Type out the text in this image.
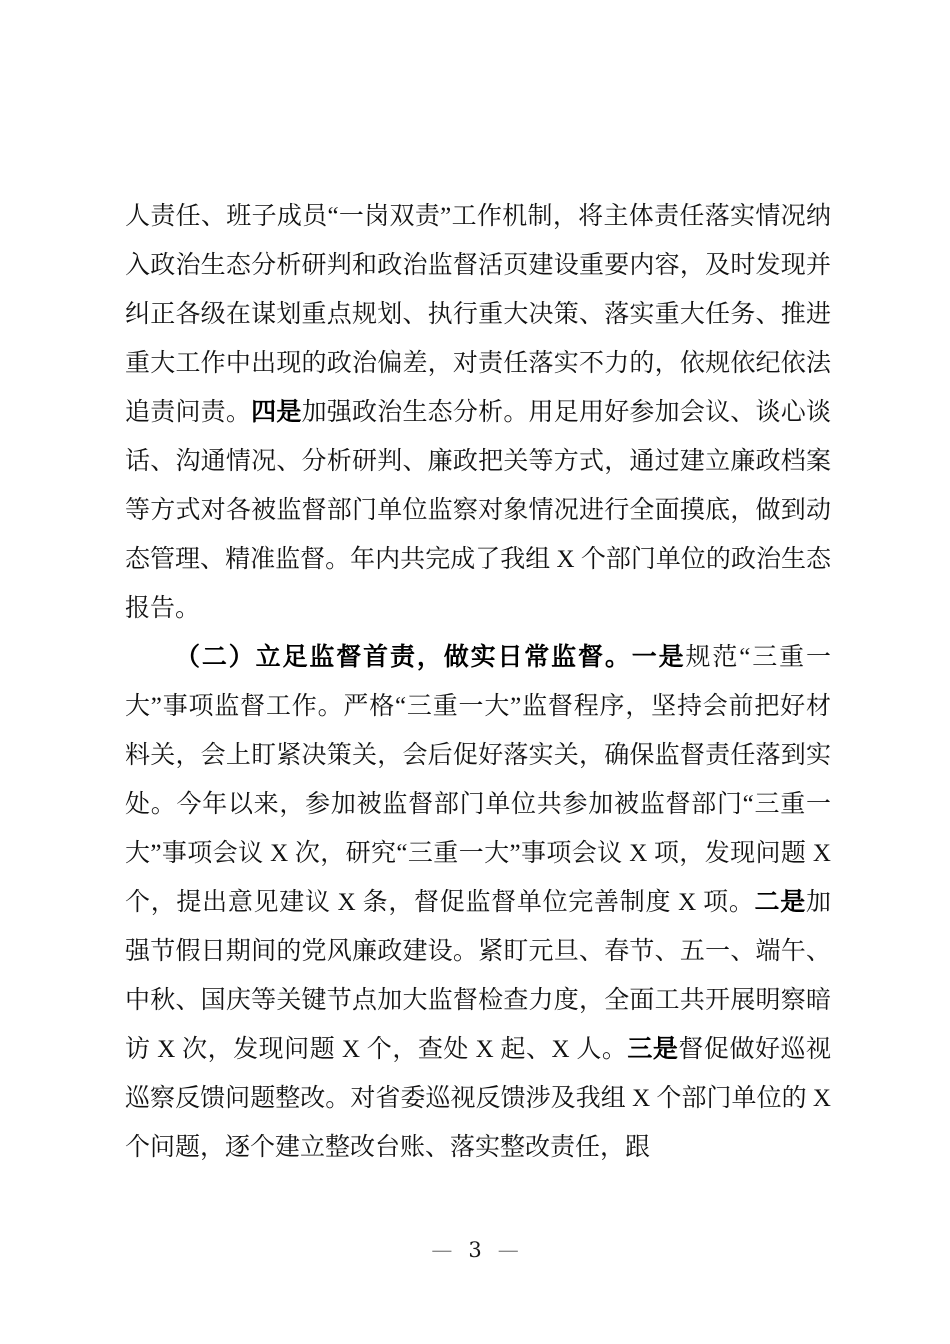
人责任、班子成员“一岗双责”工作机制，将主体责任落实情况纳入政治生态分析研判和政治监督活页建设重要内容，及时发现并纠正各级在谋划重点规划、执行重大决策、落实重大任务、推进重大工作中出现的政治偏差，对责任落实不力的，依规依纪依法追责问责。四是加强政治生态分析。用足用好参加会议、谈心谈话、沟通情况、分析研判、廉政把关等方式，通过建立廉政档案等方式对各被监督部门单位监察对象情况进行全面摸底，做到动态管理、精准监督。年内共完成了我组 X 个部门单位的政治生态报告。

（二）立足监督首责，做实日常监督。一是规范“三重一大”事项监督工作。严格“三重一大”监督程序，坚持会前把好材料关，会上盯紧决策关，会后促好落实关，确保监督责任落到实处。今年以来，参加被监督部门单位共参加被监督部门“三重一大”事项会议 X 次，研究“三重一大”事项会议 X 项，发现问题 X 个，提出意见建议 X 条，督促监督单位完善制度 X 项。二是加强节假日期间的党风廉政建设。紧盯元旦、春节、五一、端午、中秋、国庆等关键节点加大监督检查力度，全面工共开展明察暗访 X 次，发现问题 X 个，查处 X 起、X 人。三是督促做好巡视巡察反馈问题整改。对省委巡视反馈涉及我组 X 个部门单位的 X 个问题，逐个建立整改台账、落实整改责任，跟

— 3 —
